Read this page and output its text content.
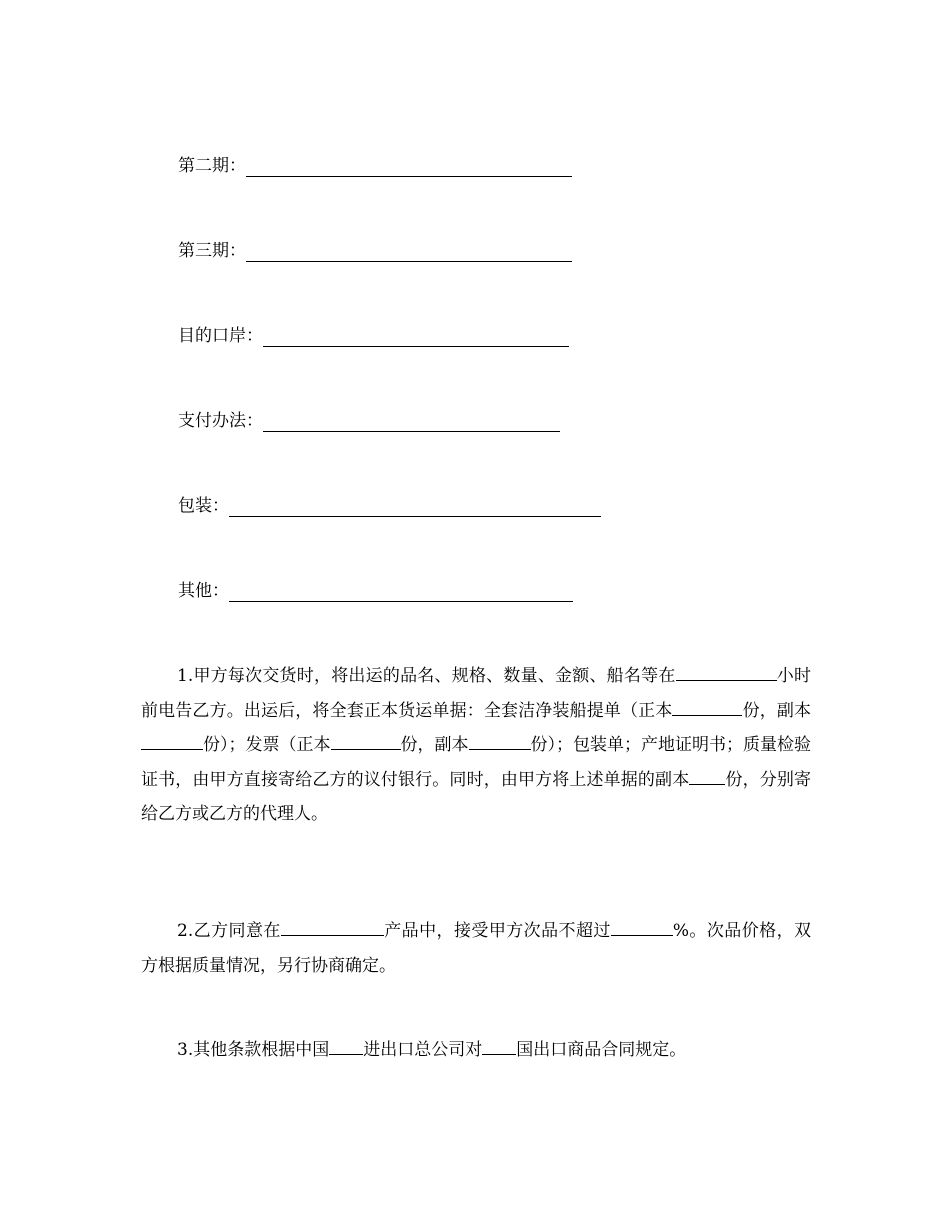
第二期：
第三期：
目的口岸：
支付办法：
包装：
其他：
1.甲方每次交货时，将出运的品名、规格、数量、金额、船名等在	小时前电告乙方。出运后，将全套正本货运单据：全套洁净装船提单（正本	份，副本份）；发票（正本	份，副本	份）；包装单；产地证明书；质量检验证书，由甲方直接寄给乙方的议付银行。同时，由甲方将上述单据的副本 份，分别寄给乙方或乙方的代理人。
2.乙方同意在	产品中，接受甲方次品不超过	%。次品价格，双方根据质量情况，另行协商确定。
3.其他条款根据中国 进出口总公司对 国出口商品合同规定。
